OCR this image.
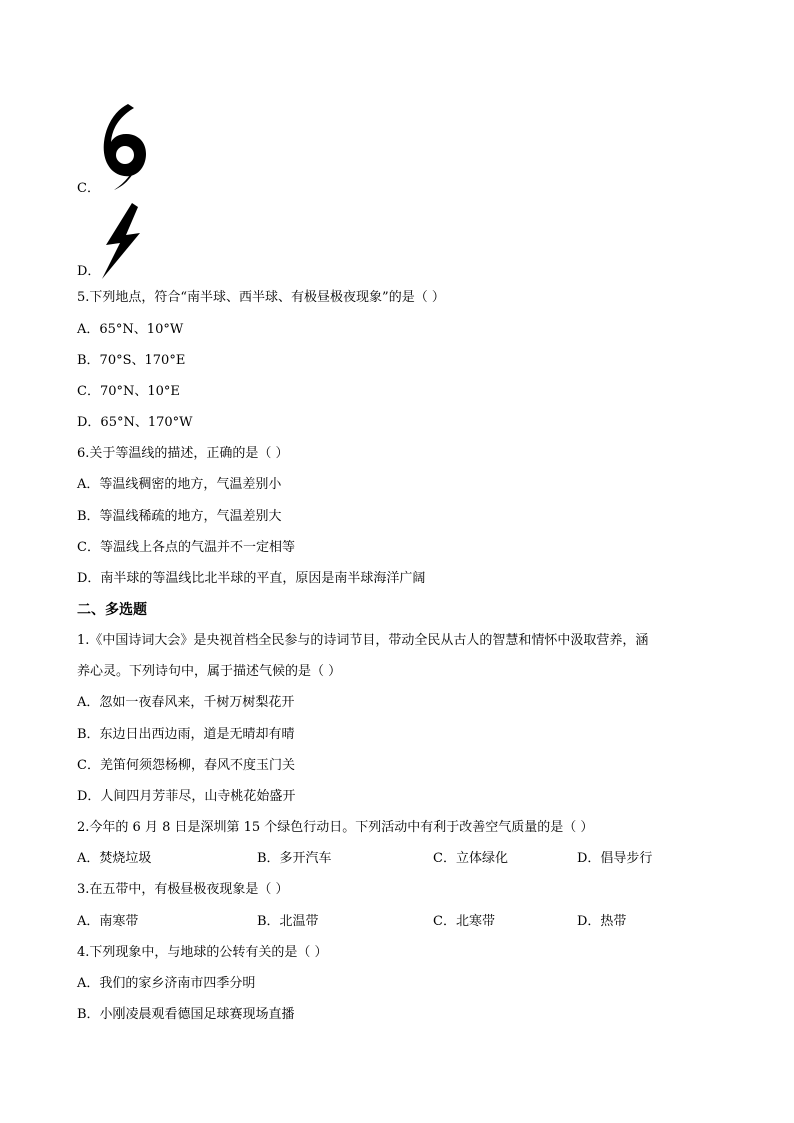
C．
D．
5.下列地点，符合“南半球、西半球、有极昼极夜现象”的是（ ）
A．65°N、10°W
B．70°S、170°E
C．70°N、10°E
D．65°N、170°W
6.关于等温线的描述，正确的是（ ）
A．等温线稠密的地方，气温差别小
B．等温线稀疏的地方，气温差别大
C．等温线上各点的气温并不一定相等
D．南半球的等温线比北半球的平直，原因是南半球海洋广阔
二、多选题
1.《中国诗词大会》是央视首档全民参与的诗词节目，带动全民从古人的智慧和情怀中汲取营养，涵
养心灵。下列诗句中，属于描述气候的是（ ）
A．忽如一夜春风来，千树万树梨花开
B．东边日出西边雨，道是无晴却有晴
C．羌笛何须怨杨柳，春风不度玉门关
D．人间四月芳菲尽，山寺桃花始盛开
2.今年的 6 月 8 日是深圳第 15 个绿色行动日。下列活动中有利于改善空气质量的是（ ）
A．焚烧垃圾	B．多开汽车	C．立体绿化	D．倡导步行
3.在五带中，有极昼极夜现象是（ ）
A．南寒带	B．北温带	C．北寒带	D．热带
4.下列现象中，与地球的公转有关的是（ ）
A．我们的家乡济南市四季分明
B．小刚凌晨观看德国足球赛现场直播
